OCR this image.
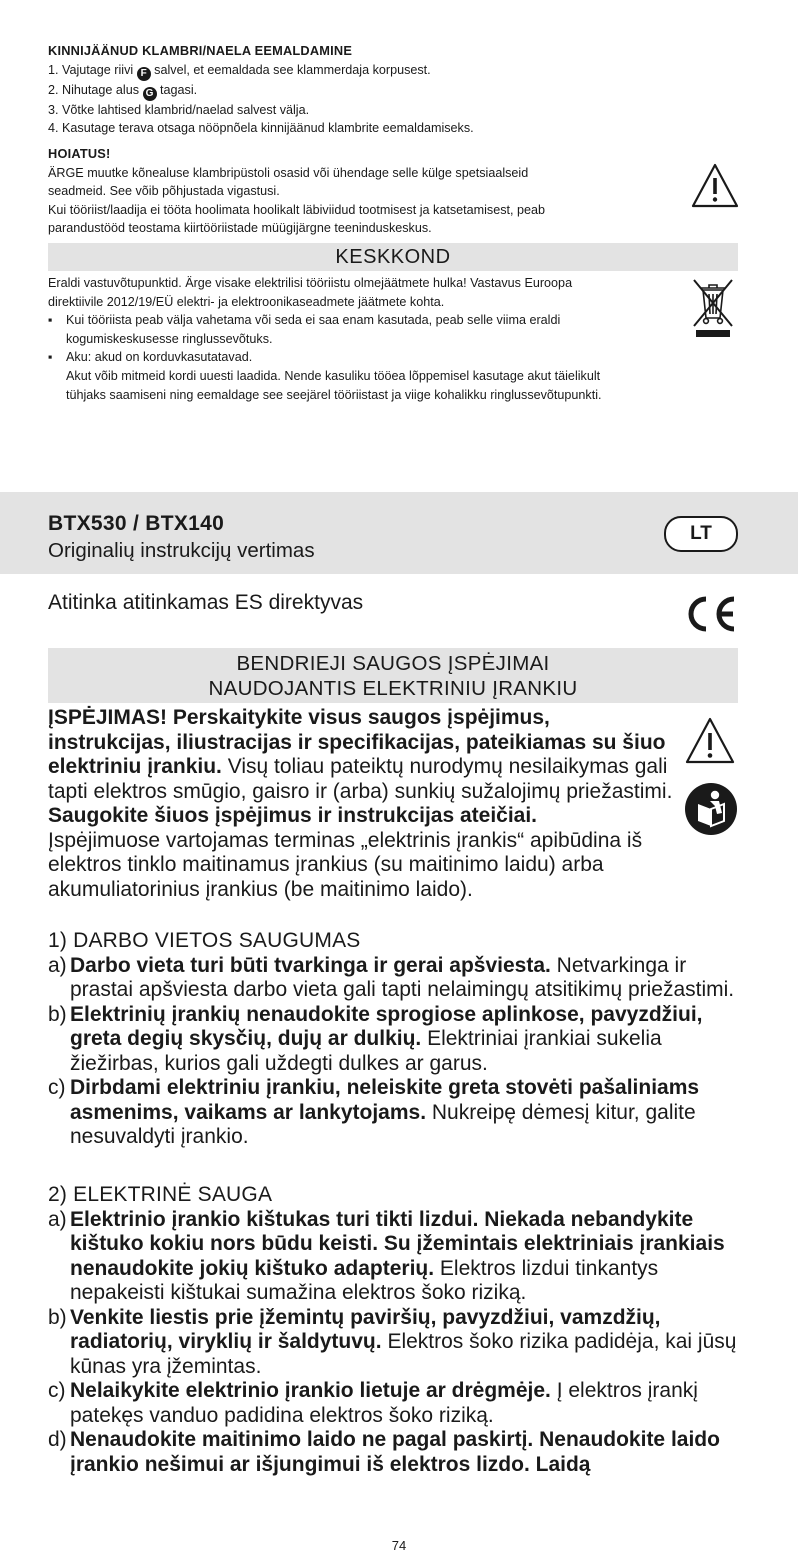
KINNIJÄÄNUD KLAMBRI/NAELA EEMALDAMINE
1. Vajutage riivi F salvel, et eemaldada see klammerdaja korpusest.
2. Nihutage alus G tagasi.
3. Võtke lahtised klambrid/naelad salvest välja.
4. Kasutage terava otsaga nööpnõela kinnijäänud klambrite eemaldamiseks.
HOIATUS!
ÄRGE muutke kõnealuse klambripüstoli osasid või ühendage selle külge spetsiaalseid
seadmeid. See võib põhjustada vigastusi.
Kui tööriist/laadija ei tööta hoolimata hoolikalt läbiviidud tootmisest ja katsetamisest, peab
parandustööd teostama kiirtööriistade müügijärgne teeninduskeskus.
KESKKOND
Eraldi vastuvõtupunktid. Ärge visake elektrilisi tööriistu olmejäätmete hulka! Vastavus Euroopa
direktiivile 2012/19/EÜ elektri- ja elektroonikaseadmete jäätmete kohta.
▪	Kui tööriista peab välja vahetama või seda ei saa enam kasutada, peab selle viima eraldi
kogumiskeskusesse ringlussevõtuks.
▪	Aku: akud on korduvkasutatavad.
Akut võib mitmeid kordi uuesti laadida. Nende kasuliku tööea lõppemisel kasutage akut täielikult
tühjaks saamiseni ning eemaldage see seejärel tööriistast ja viige kohalikku ringlussevõtupunkti.
BTX530 / BTX140
Originalių instrukcijų vertimas
LT
Atitinka atitinkamas ES direktyvas
BENDRIEJI SAUGOS ĮSPĖJIMAI
NAUDOJANTIS ELEKTRINIU ĮRANKIU
ĮSPĖJIMAS! Perskaitykite visus saugos įspėjimus, instrukcijas, iliustracijas ir specifikacijas, pateikiamas su šiuo elektriniu įrankiu. Visų toliau pateiktų nurodymų nesilaikymas gali tapti elektros smūgio, gaisro ir (arba) sunkių sužalojimų priežastimi.
Saugokite šiuos įspėjimus ir instrukcijas ateičiai.
Įspėjimuose vartojamas terminas „elektrinis įrankis“ apibūdina iš elektros tinklo maitinamus įrankius (su maitinimo laidu) arba akumuliatorinius įrankius (be maitinimo laido).
1) DARBO VIETOS SAUGUMAS
a) Darbo vieta turi būti tvarkinga ir gerai apšviesta. Netvarkinga ir prastai apšviesta darbo vieta gali tapti nelaimingų atsitikimų priežastimi.
b) Elektrinių įrankių nenaudokite sprogiose aplinkose, pavyzdžiui, greta degių skysčių, dujų ar dulkių. Elektriniai įrankiai sukelia žiežirbas, kurios gali uždegti dulkes ar garus.
c) Dirbdami elektriniu įrankiu, neleiskite greta stovėti pašaliniams asmenims, vaikams ar lankytojams. Nukreipę dėmesį kitur, galite nesuvaldyti įrankio.
2) ELEKTRINĖ SAUGA
a) Elektrinio įrankio kištukas turi tikti lizdui. Niekada nebandykite kištuko kokiu nors būdu keisti. Su įžemintais elektriniais įrankiais nenaudokite jokių kištuko adapterių. Elektros lizdui tinkantys nepakeisti kištukai sumažina elektros šoko riziką.
b) Venkite liestis prie įžemintų paviršių, pavyzdžiui, vamzdžių, radiatorių, viryklių ir šaldytuvų. Elektros šoko rizika padidėja, kai jūsų kūnas yra įžemintas.
c) Nelaikykite elektrinio įrankio lietuje ar drėgmėje. Į elektros įrankį patekęs vanduo padidina elektros šoko riziką.
d) Nenaudokite maitinimo laido ne pagal paskirtį. Nenaudokite laido įrankio nešimui ar išjungimui iš elektros lizdo. Laidą
74
